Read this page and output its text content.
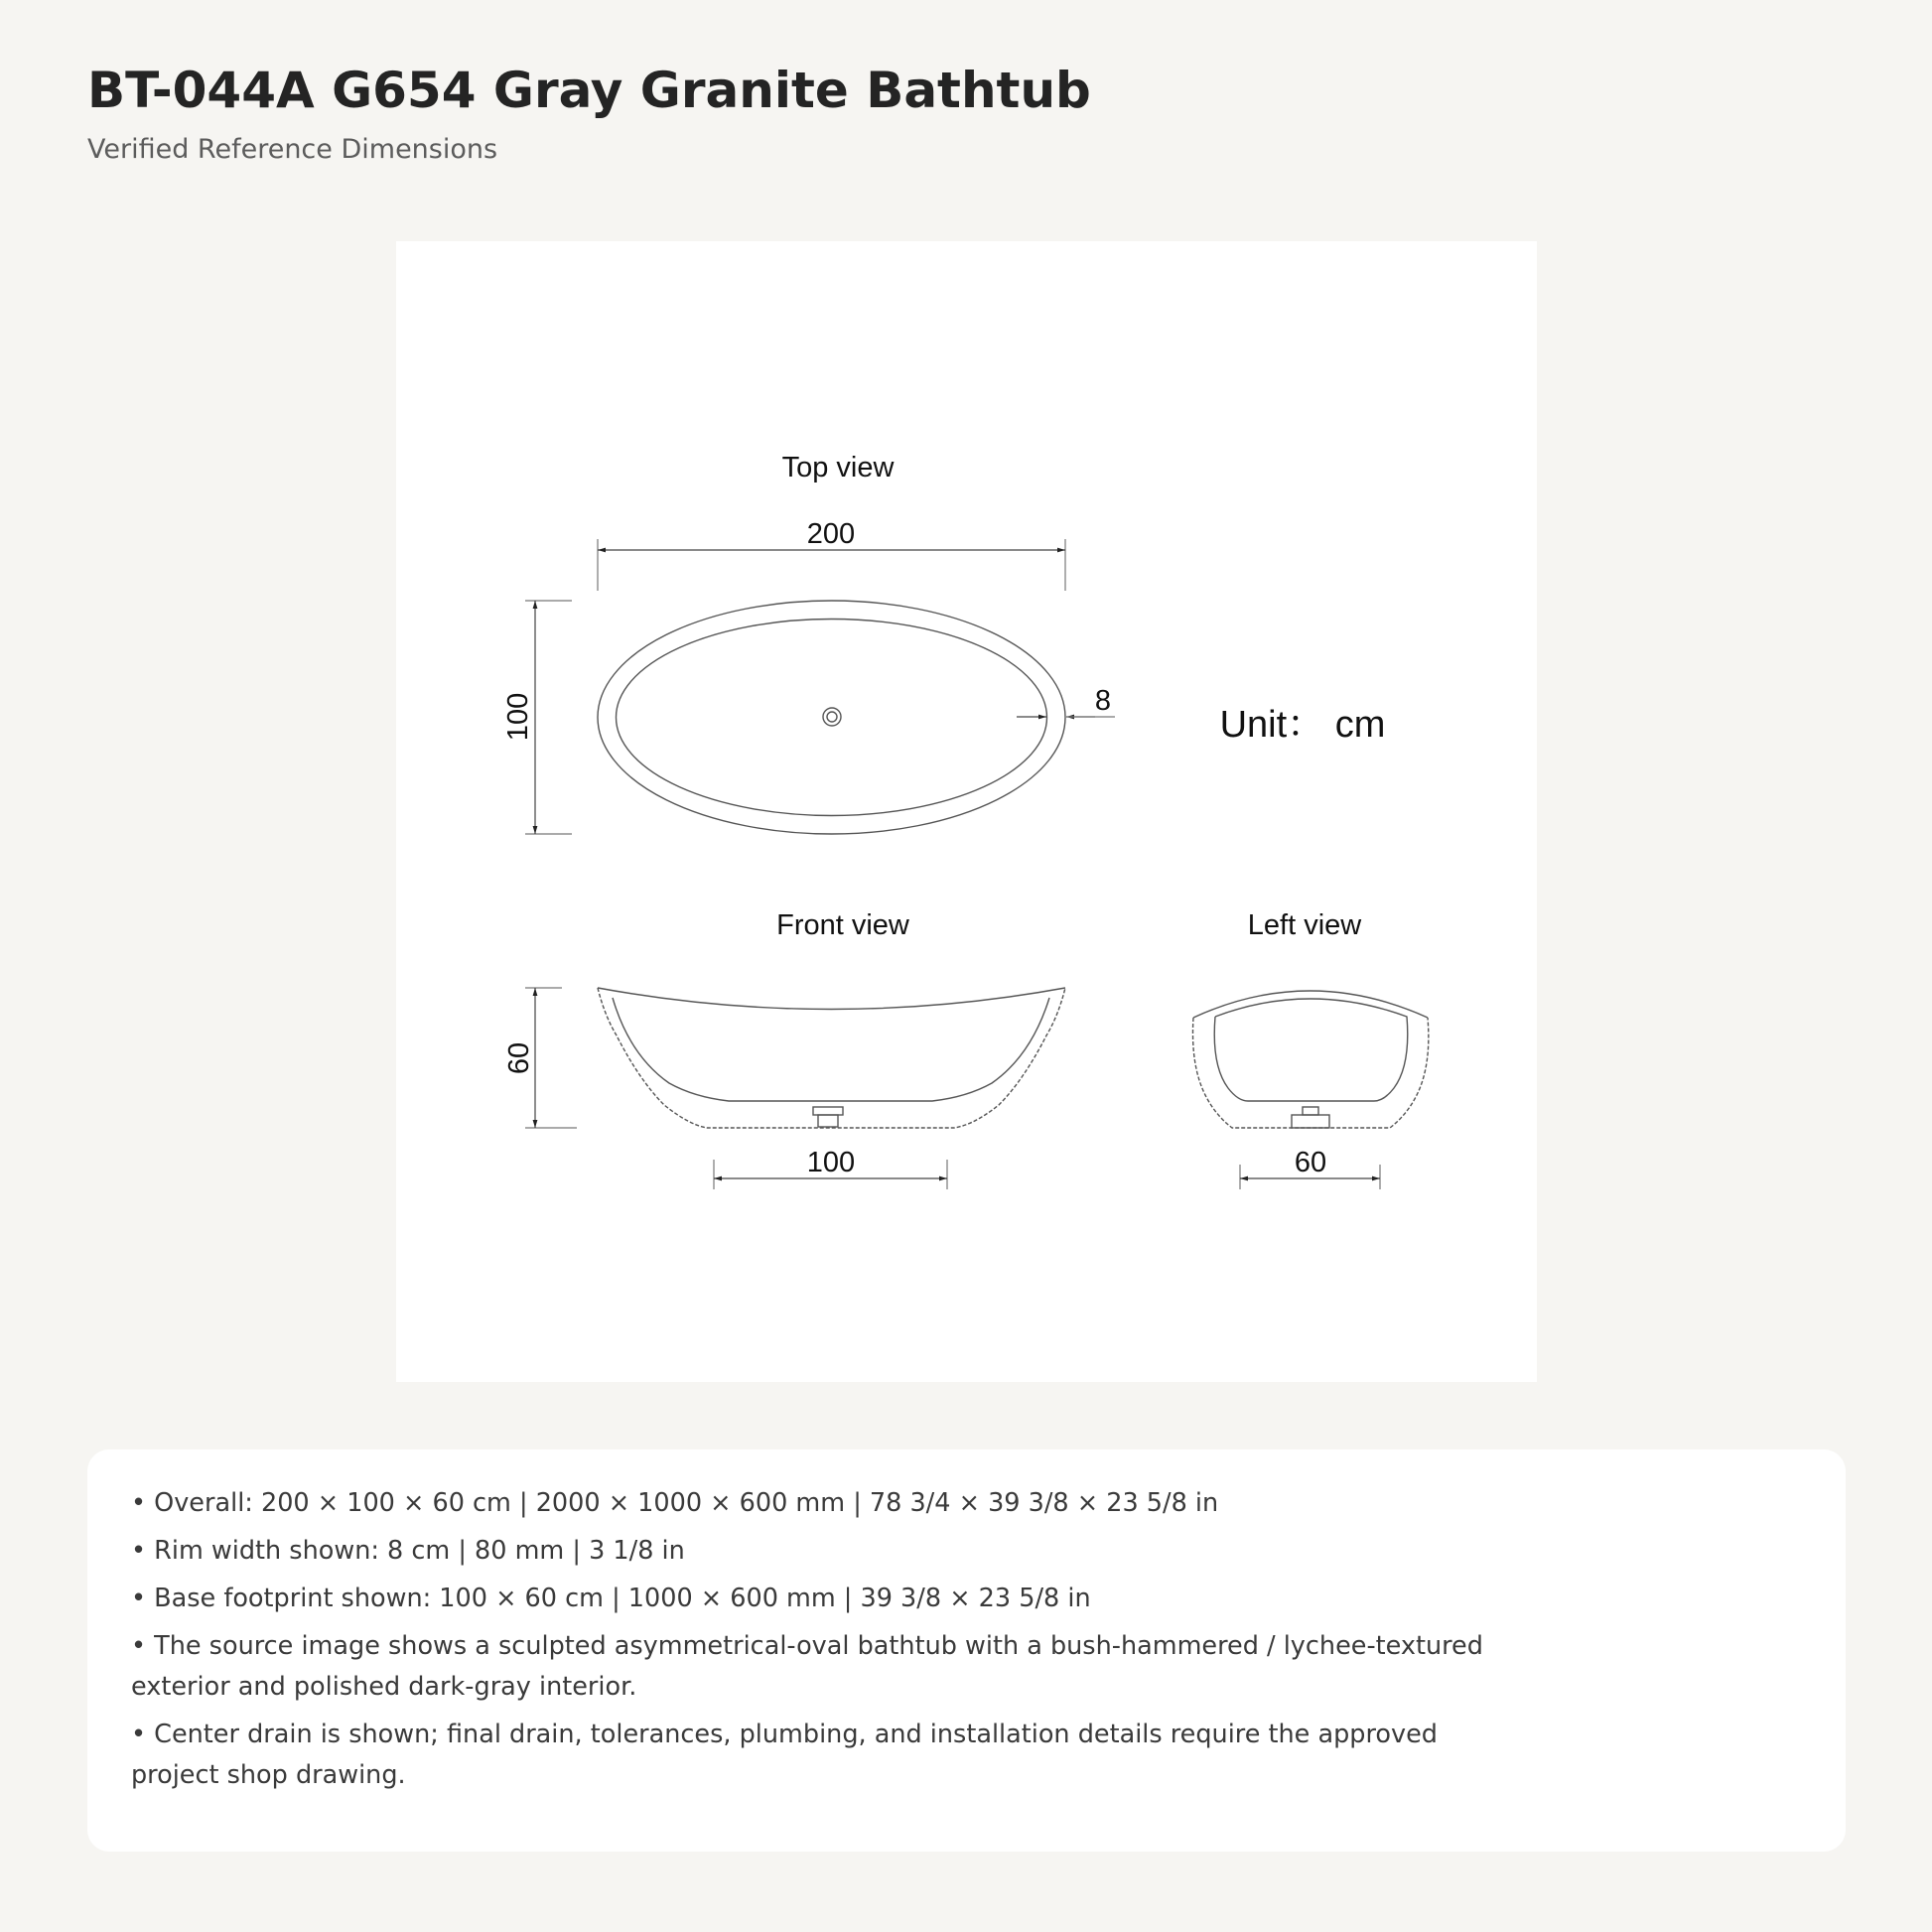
BT-044A G654 Gray Granite Bathtub
Verified Reference Dimensions
Top view
200
100	8
Unit： cm
Front view
60
100
Left view
60
• Overall: 200 × 100 × 60 cm | 2000 × 1000 × 600 mm | 78 3/4 × 39 3/8 × 23 5/8 in
• Rim width shown: 8 cm | 80 mm | 3 1/8 in
• Base footprint shown: 100 × 60 cm | 1000 × 600 mm | 39 3/8 × 23 5/8 in
• The source image shows a sculpted asymmetrical-oval bathtub with a bush-hammered / lychee-textured exterior and polished dark-gray interior.
• Center drain is shown; final drain, tolerances, plumbing, and installation details require the approved project shop drawing.
